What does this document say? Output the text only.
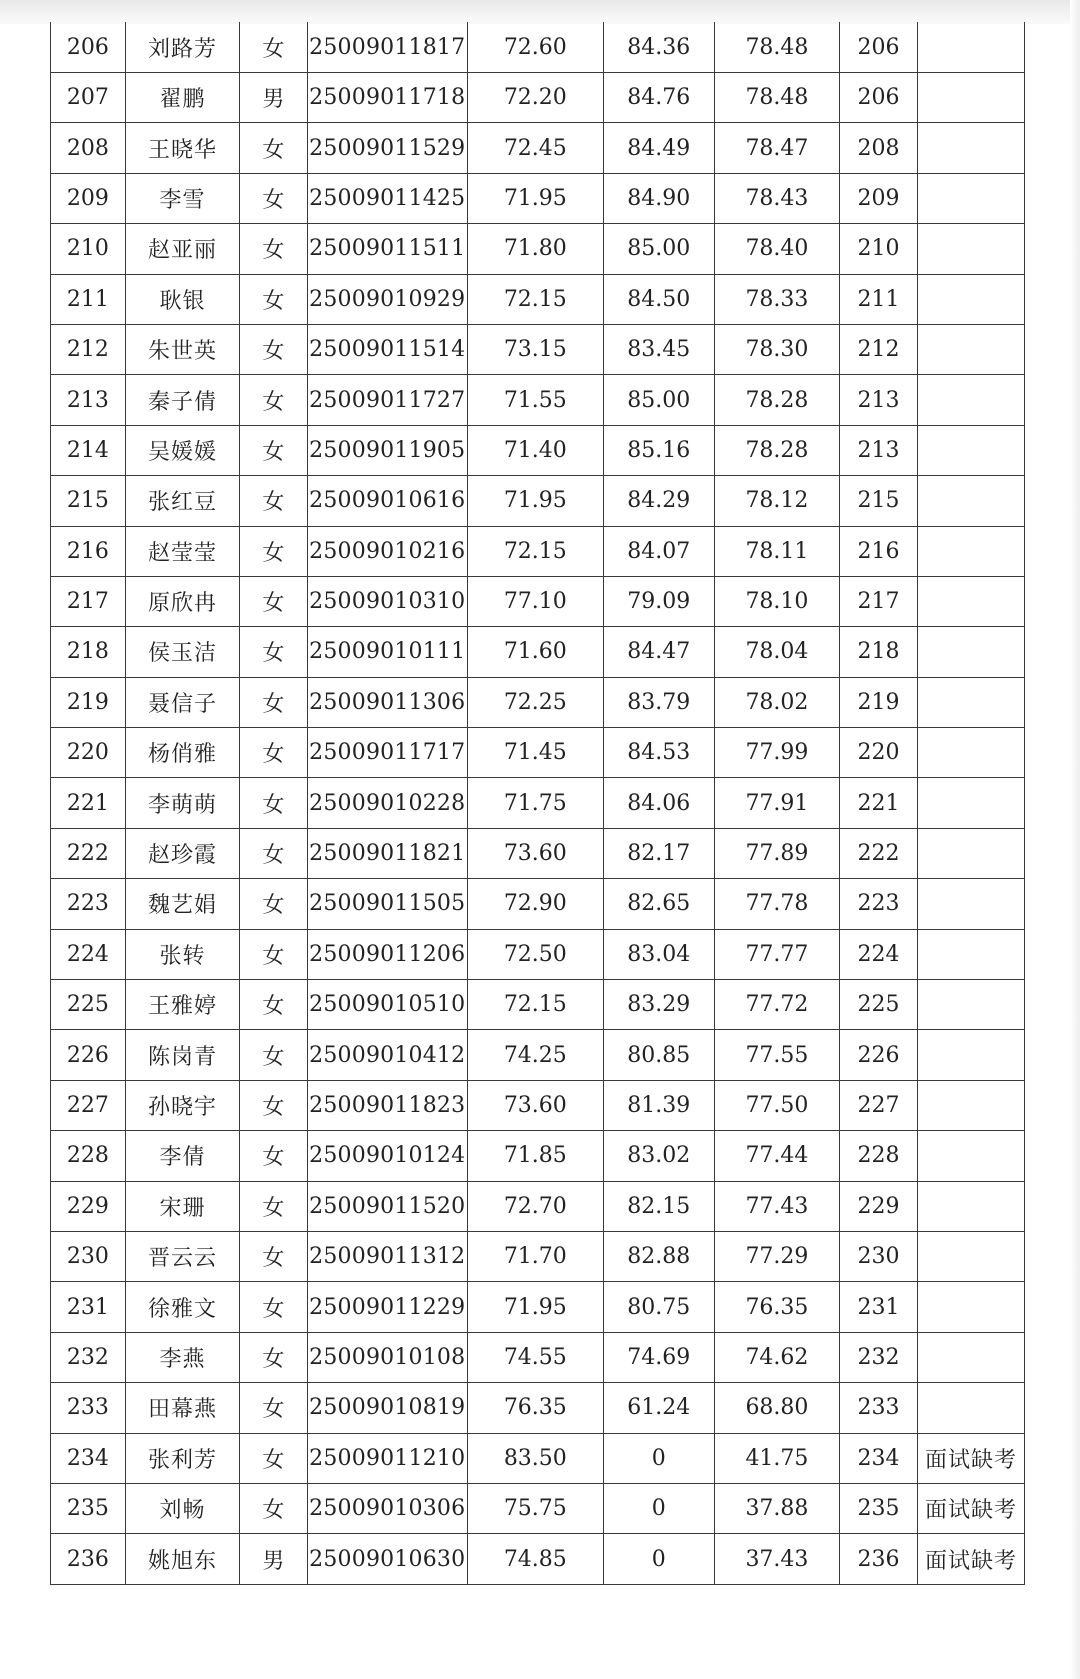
206	刘路芳	女	25009011817	72.60	84.36	78.48	206	
207	翟鹏	男	25009011718	72.20	84.76	78.48	206	
208	王晓华	女	25009011529	72.45	84.49	78.47	208	
209	李雪	女	25009011425	71.95	84.90	78.43	209	
210	赵亚丽	女	25009011511	71.80	85.00	78.40	210	
211	耿银	女	25009010929	72.15	84.50	78.33	211	
212	朱世英	女	25009011514	73.15	83.45	78.30	212	
213	秦子倩	女	25009011727	71.55	85.00	78.28	213	
214	吴媛媛	女	25009011905	71.40	85.16	78.28	213	
215	张红豆	女	25009010616	71.95	84.29	78.12	215	
216	赵莹莹	女	25009010216	72.15	84.07	78.11	216	
217	原欣冉	女	25009010310	77.10	79.09	78.10	217	
218	侯玉洁	女	25009010111	71.60	84.47	78.04	218	
219	聂信子	女	25009011306	72.25	83.79	78.02	219	
220	杨俏雅	女	25009011717	71.45	84.53	77.99	220	
221	李萌萌	女	25009010228	71.75	84.06	77.91	221	
222	赵珍霞	女	25009011821	73.60	82.17	77.89	222	
223	魏艺娟	女	25009011505	72.90	82.65	77.78	223	
224	张转	女	25009011206	72.50	83.04	77.77	224	
225	王雅婷	女	25009010510	72.15	83.29	77.72	225	
226	陈岗青	女	25009010412	74.25	80.85	77.55	226	
227	孙晓宇	女	25009011823	73.60	81.39	77.50	227	
228	李倩	女	25009010124	71.85	83.02	77.44	228	
229	宋珊	女	25009011520	72.70	82.15	77.43	229	
230	晋云云	女	25009011312	71.70	82.88	77.29	230	
231	徐雅文	女	25009011229	71.95	80.75	76.35	231	
232	李燕	女	25009010108	74.55	74.69	74.62	232	
233	田幕燕	女	25009010819	76.35	61.24	68.80	233	
234	张利芳	女	25009011210	83.50	0	41.75	234	面试缺考
235	刘畅	女	25009010306	75.75	0	37.88	235	面试缺考
236	姚旭东	男	25009010630	74.85	0	37.43	236	面试缺考
